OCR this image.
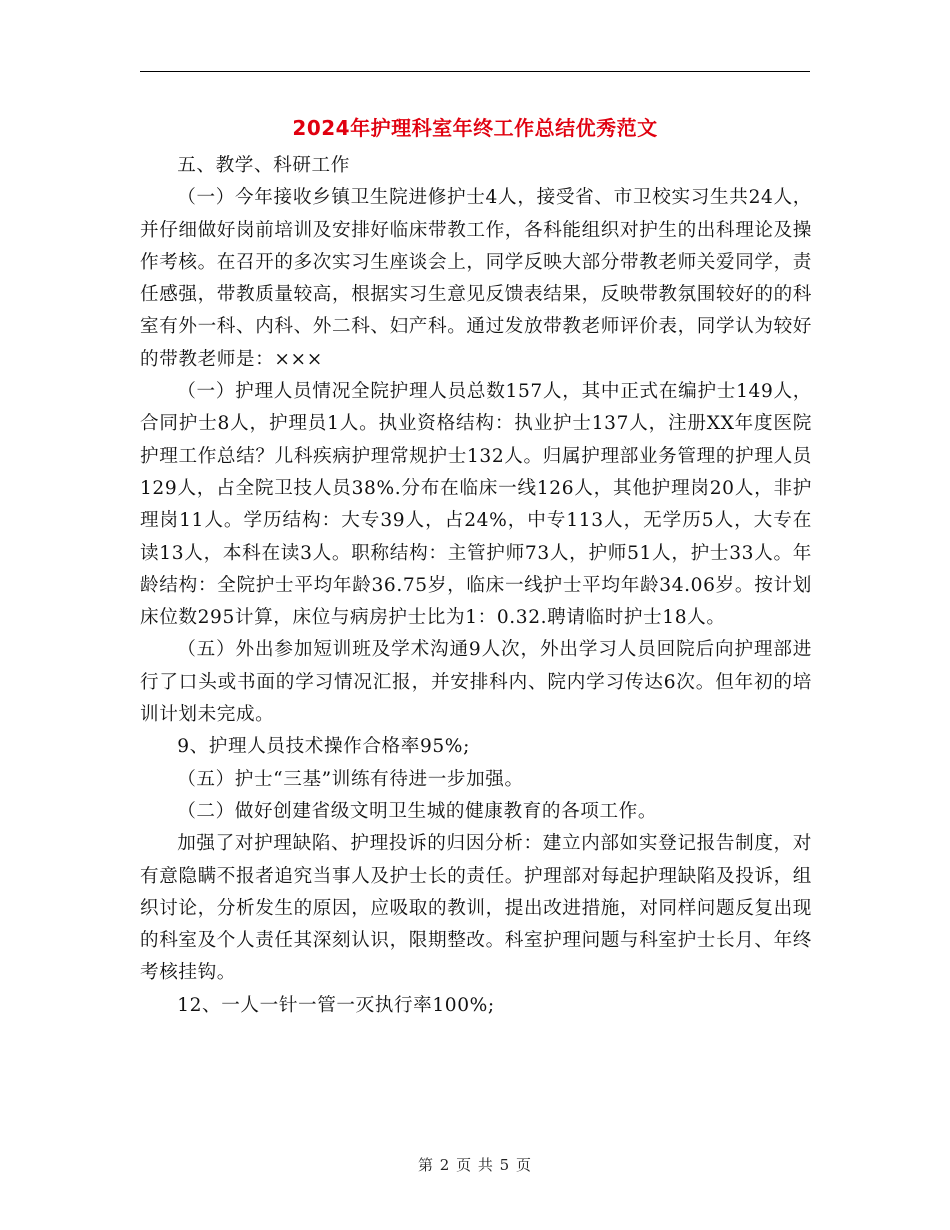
2024年护理科室年终工作总结优秀范文

五、教学、科研工作

（一）今年接收乡镇卫生院进修护士4人，接受省、市卫校实习生共24人，并仔细做好岗前培训及安排好临床带教工作，各科能组织对护生的出科理论及操作考核。在召开的多次实习生座谈会上，同学反映大部分带教老师关爱同学，责任感强，带教质量较高，根据实习生意见反馈表结果，反映带教氛围较好的的科室有外一科、内科、外二科、妇产科。通过发放带教老师评价表，同学认为较好的带教老师是：×××

（一）护理人员情况全院护理人员总数157人，其中正式在编护士149人，合同护士8人，护理员1人。执业资格结构：执业护士137人，注册XX年度医院护理工作总结？儿科疾病护理常规护士132人。归属护理部业务管理的护理人员129人，占全院卫技人员38%.分布在临床一线126人，其他护理岗20人，非护理岗11人。学历结构：大专39人，占24%，中专113人，无学历5人，大专在读13人，本科在读3人。职称结构：主管护师73人，护师51人，护士33人。年龄结构：全院护士平均年龄36.75岁，临床一线护士平均年龄34.06岁。按计划床位数295计算，床位与病房护士比为1：0.32.聘请临时护士18人。

（五）外出参加短训班及学术沟通9人次，外出学习人员回院后向护理部进行了口头或书面的学习情况汇报，并安排科内、院内学习传达6次。但年初的培训计划未完成。

9、护理人员技术操作合格率95%;

（五）护士“三基”训练有待进一步加强。

（二）做好创建省级文明卫生城的健康教育的各项工作。

加强了对护理缺陷、护理投诉的归因分析：建立内部如实登记报告制度，对有意隐瞒不报者追究当事人及护士长的责任。护理部对每起护理缺陷及投诉，组织讨论，分析发生的原因，应吸取的教训，提出改进措施，对同样问题反复出现的科室及个人责任其深刻认识，限期整改。科室护理问题与科室护士长月、年终考核挂钩。

12、一人一针一管一灭执行率100%;

第 2 页 共 5 页
